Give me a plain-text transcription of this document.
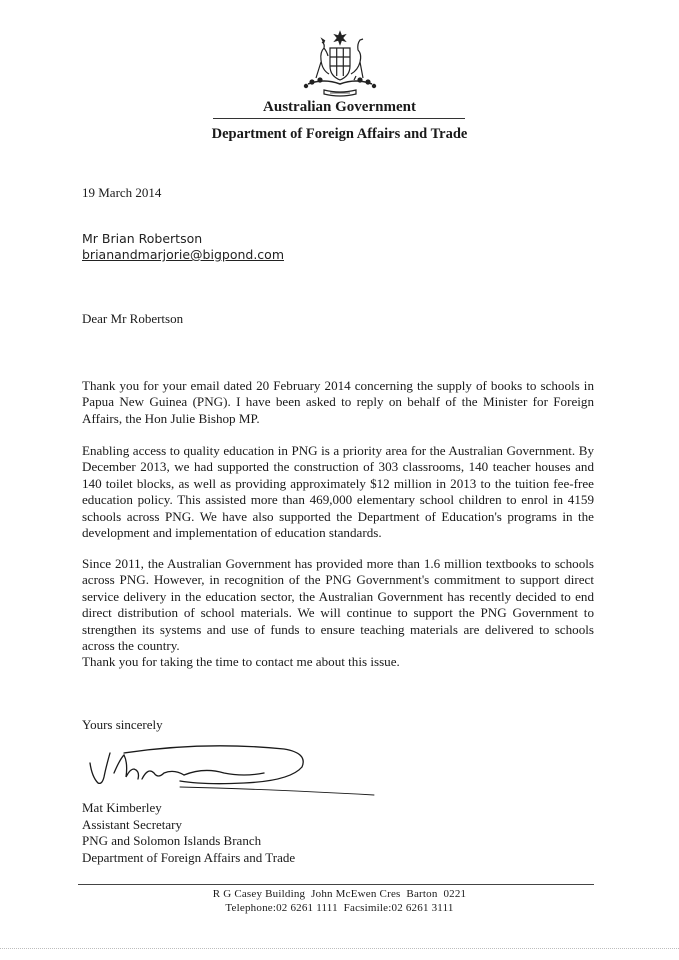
Australian Government
Department of Foreign Affairs and Trade
19 March 2014
Mr Brian Robertson
brianandmarjorie@bigpond.com
Dear Mr Robertson
Thank you for your email dated 20 February 2014 concerning the supply of books to schools in Papua New Guinea (PNG). I have been asked to reply on behalf of the Minister for Foreign Affairs, the Hon Julie Bishop MP.
Enabling access to quality education in PNG is a priority area for the Australian Government. By December 2013, we had supported the construction of 303 classrooms, 140 teacher houses and 140 toilet blocks, as well as providing approximately $12 million in 2013 to the tuition fee-free education policy. This assisted more than 469,000 elementary school children to enrol in 4159 schools across PNG. We have also supported the Department of Education's programs in the development and implementation of education standards.
Since 2011, the Australian Government has provided more than 1.6 million textbooks to schools across PNG. However, in recognition of the PNG Government's commitment to support direct service delivery in the education sector, the Australian Government has recently decided to end direct distribution of school materials. We will continue to support the PNG Government to strengthen its systems and use of funds to ensure teaching materials are delivered to schools across the country.
Thank you for taking the time to contact me about this issue.
Yours sincerely
Mat Kimberley
Assistant Secretary
PNG and Solomon Islands Branch
Department of Foreign Affairs and Trade
R G Casey Building  John McEwen Cres  Barton  0221
Telephone:02 6261 1111  Facsimile:02 6261 3111
